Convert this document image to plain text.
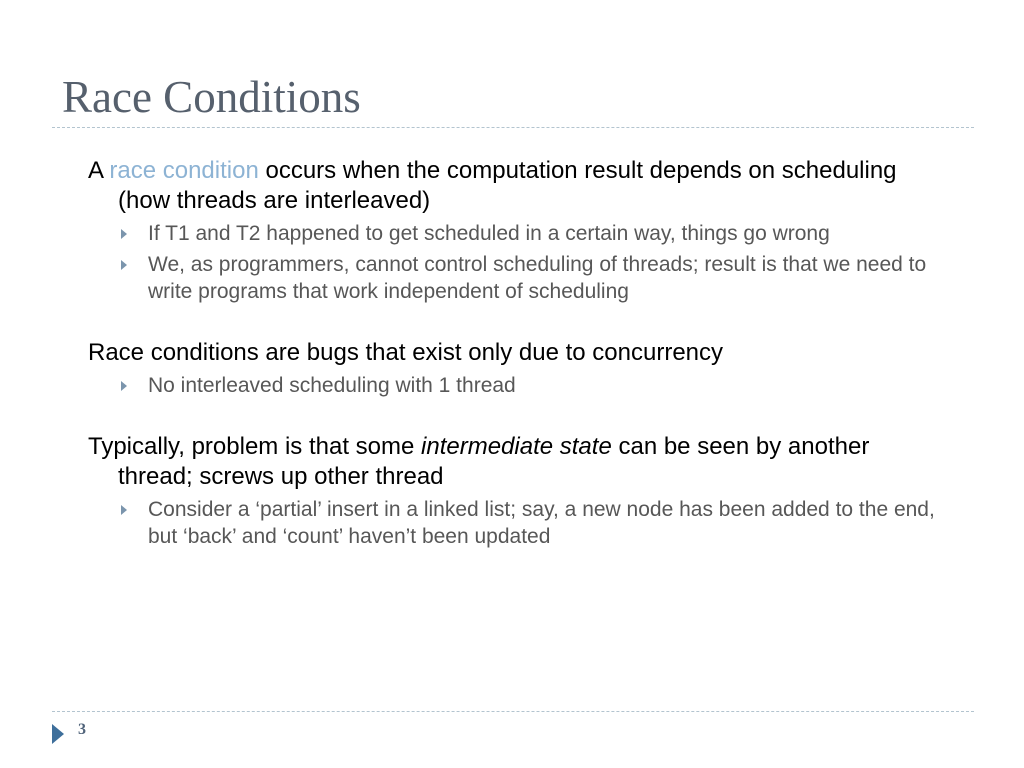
Race Conditions

A race condition occurs when the computation result depends on scheduling (how threads are interleaved)

If T1 and T2 happened to get scheduled in a certain way, things go wrong
We, as programmers, cannot control scheduling of threads; result is that we need to write programs that work independent of scheduling

Race conditions are bugs that exist only due to concurrency

No interleaved scheduling with 1 thread

Typically, problem is that some intermediate state can be seen by another thread; screws up other thread

Consider a ‘partial’ insert in a linked list; say, a new node has been added to the end, but ‘back’ and ‘count’ haven’t been updated
3
